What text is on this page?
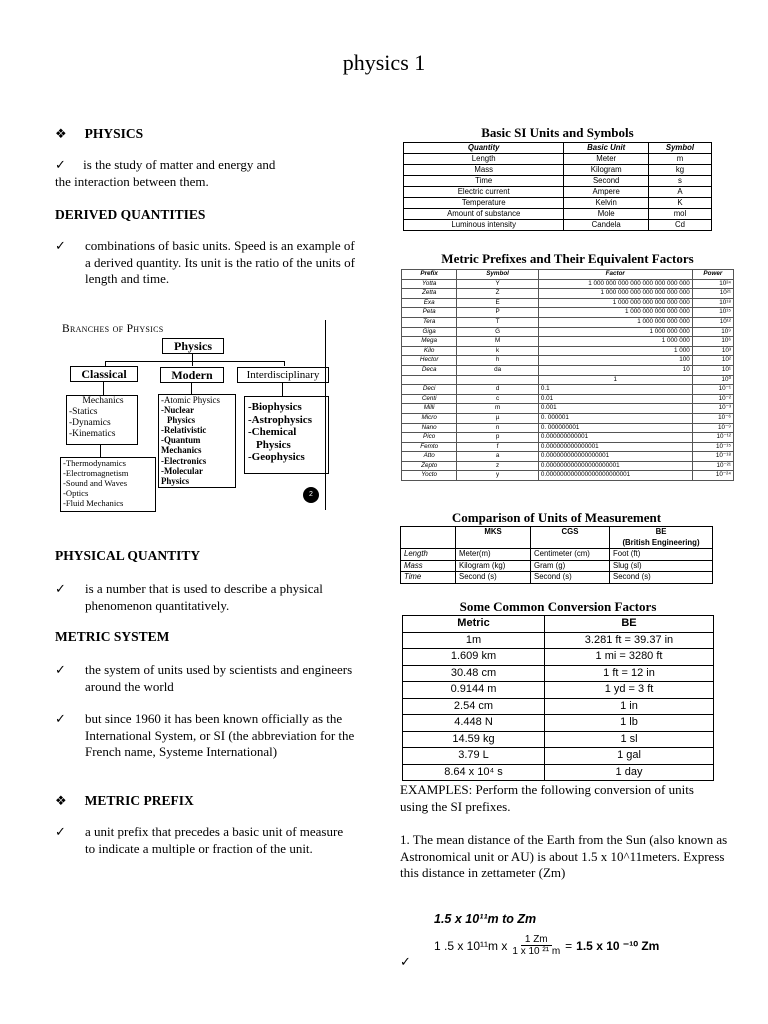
physics 1
❖ PHYSICS
✓ is the study of matter and energy and
the interaction between them.
DERIVED QUANTITIES
✓	combinations of basic units. Speed is an example of a derived quantity. Its unit is the ratio of the units of length and time.
Branches of Physics
Physics
Classical	Modern	Interdisciplinary
Mechanics
-Statics
-Dynamics
-Kinematics
-Thermodynamics
-Electromagnetism
-Sound and Waves
-Optics
-Fluid Mechanics
-Atomic Physics
-Nuclear
Physics
-Relativistic
-Quantum
Mechanics
-Electronics
-Molecular
Physics
-Biophysics
-Astrophysics
-Chemical
Physics
-Geophysics
2
PHYSICAL QUANTITY
✓	is a number that is used to describe a physical phenomenon quantitatively.
METRIC SYSTEM
✓	the system of units used by scientists and engineers around the world
✓	but since 1960 it has been known officially as the International System, or SI (the abbreviation for the French name, Systeme International)
❖ METRIC PREFIX
✓	a unit prefix that precedes a basic unit of measure to indicate a multiple or fraction of the unit.
Basic SI Units and Symbols
Quantity	Basic Unit	Symbol
Length	Meter	m
Mass	Kilogram	kg
Time	Second	s
Electric current	Ampere	A
Temperature	Kelvin	K
Amount of substance	Mole	mol
Luminous intensity	Candela	Cd
Metric Prefixes and Their Equivalent Factors
Prefix	Symbol	Factor	Power
Yotta	Y	1 000 000 000 000 000 000 000 000	10²⁴
Zetta	Z	1 000 000 000 000 000 000 000	10²¹
Exa	E	1 000 000 000 000 000 000	10¹⁸
Peta	P	1 000 000 000 000 000	10¹⁵
Tera	T	1 000 000 000 000	10¹²
Giga	G	1 000 000 000	10⁹
Mega	M	1 000 000	10⁶
Kilo	k	1 000	10³
Hector	h	100	10²
Deca	da	10	10¹
		1	10⁰
Deci	d	0.1	10⁻¹
Centi	c	0.01	10⁻²
Milli	m	0.001	10⁻³
Micro	µ	0. 000001	10⁻⁶
Nano	n	0. 000000001	10⁻⁹
Pico	p	0.000000000001	10⁻¹²
Femto	f	0.000000000000001	10⁻¹⁵
Atto	a	0.000000000000000001	10⁻¹⁸
Zepto	z	0.000000000000000000001	10⁻²¹
Yocto	y	0.000000000000000000000001	10⁻²⁴
Comparison of Units of Measurement
	MKS	CGS	BE
(British Engineering)

Length	Meter(m)	Centimeter (cm)	Foot (ft)
Mass	Kilogram (kg)	Gram (g)	Slug (sl)
Time	Second (s)	Second (s)	Second (s)
Some Common Conversion Factors
Metric	BE
1m	3.281 ft = 39.37 in
1.609 km	1 mi = 3280 ft
30.48 cm	1 ft = 12 in
0.9144 m	1 yd = 3 ft
2.54 cm	1 in
4.448 N	1 lb
14.59 kg	1 sl
3.79 L	1 gal
8.64 x 10⁴ s	1 day
EXAMPLES: Perform the following conversion of units using the SI prefixes.
1. The mean distance of the Earth from the Sun (also known as Astronomical unit or AU) is about 1.5 x 10^11meters. Express this distance in zettameter (Zm)
1.5 x 10¹¹m to Zm
1 .5 x 10¹¹m x $\frac{1 Zm}{\text{1 x 10 ²¹ m}} = 1.5$ x 10 ⁻¹⁰ Zm
✓
